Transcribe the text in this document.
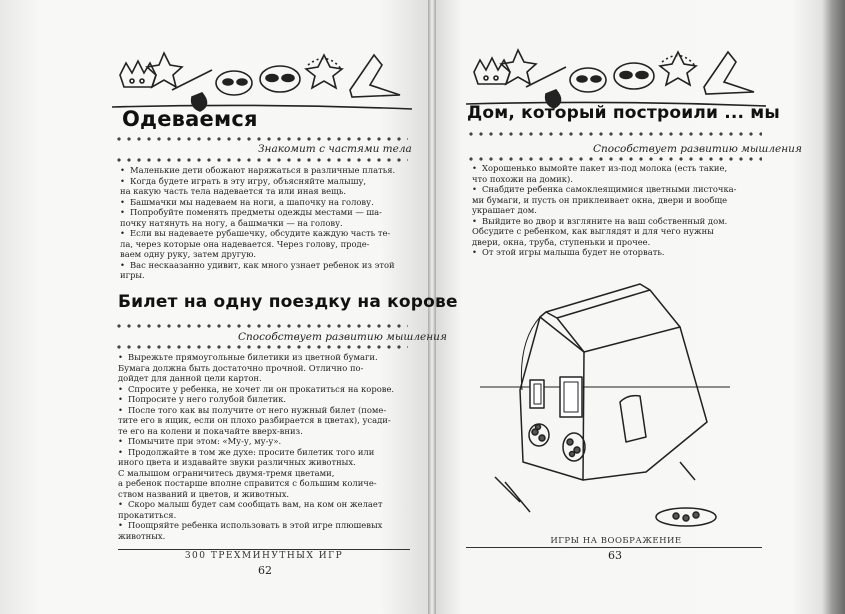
Одеваемся
Знакомит с частями тела
• Маленькие дети обожают наряжаться в различные платья.
• Когда будете играть в эту игру, объясняйте малышу,
на какую часть тела надевается та или иная вещь.
• Башмачки мы надеваем на ноги, а шапочку на голову.
• Попробуйте поменять предметы одежды местами — ша-
почку натянуть на ногу, а башмачки — на голову.
• Если вы надеваете рубашечку, обсудите каждую часть те-
ла, через которые она надевается. Через голову, проде-
ваем одну руку, затем другую.
• Вас нескаазанно удивит, как много узнает ребенок из этой
игры.
Билет на одну поездку на корове
Способствует развитию мышления
• Вырежьте прямоугольные билетики из цветной бумаги.
Бумага должна быть достаточно прочной. Отлично по-
дойдет для данной цели картон.
• Спросите у ребенка, не хочет ли он прокатиться на корове.
• Попросите у него голубой билетик.
• После того как вы получите от него нужный билет (поме-
тите его в ящик, если он плохо разбирается в цветах), усади-
те его на колени и покачайте вверх-вниз.
• Помычите при этом: «Му-у, му-у».
• Продолжайте в том же духе: просите билетик того или
иного цвета и издавайте звуки различных животных.
С малышом ограничитесь двумя-тремя цветами,
а ребенок постарше вполне справится с большим количе-
ством названий и цветов, и животных.
• Скоро малыш будет сам сообщать вам, на ком он желает
прокатиться.
• Поощряйте ребенка использовать в этой игре плюшевых
животных.
300 ТРЕХМИНУТНЫХ ИГР
62
Дом, который построили ... мы
Способствует развитию мышления
• Хорошенько вымойте пакет из-под молока (есть такие,
что похожи на домик).
• Снабдите ребенка самоклеящимися цветными листочка-
ми бумаги, и пусть он приклеивает окна, двери и вообще
украшает дом.
• Выйдите во двор и взгляните на ваш собственный дом.
Обсудите с ребенком, как выглядят и для чего нужны
двери, окна, труба, ступеньки и прочее.
• От этой игры малыша будет не оторвать.
ИГРЫ НА ВООБРАЖЕНИЕ
63
